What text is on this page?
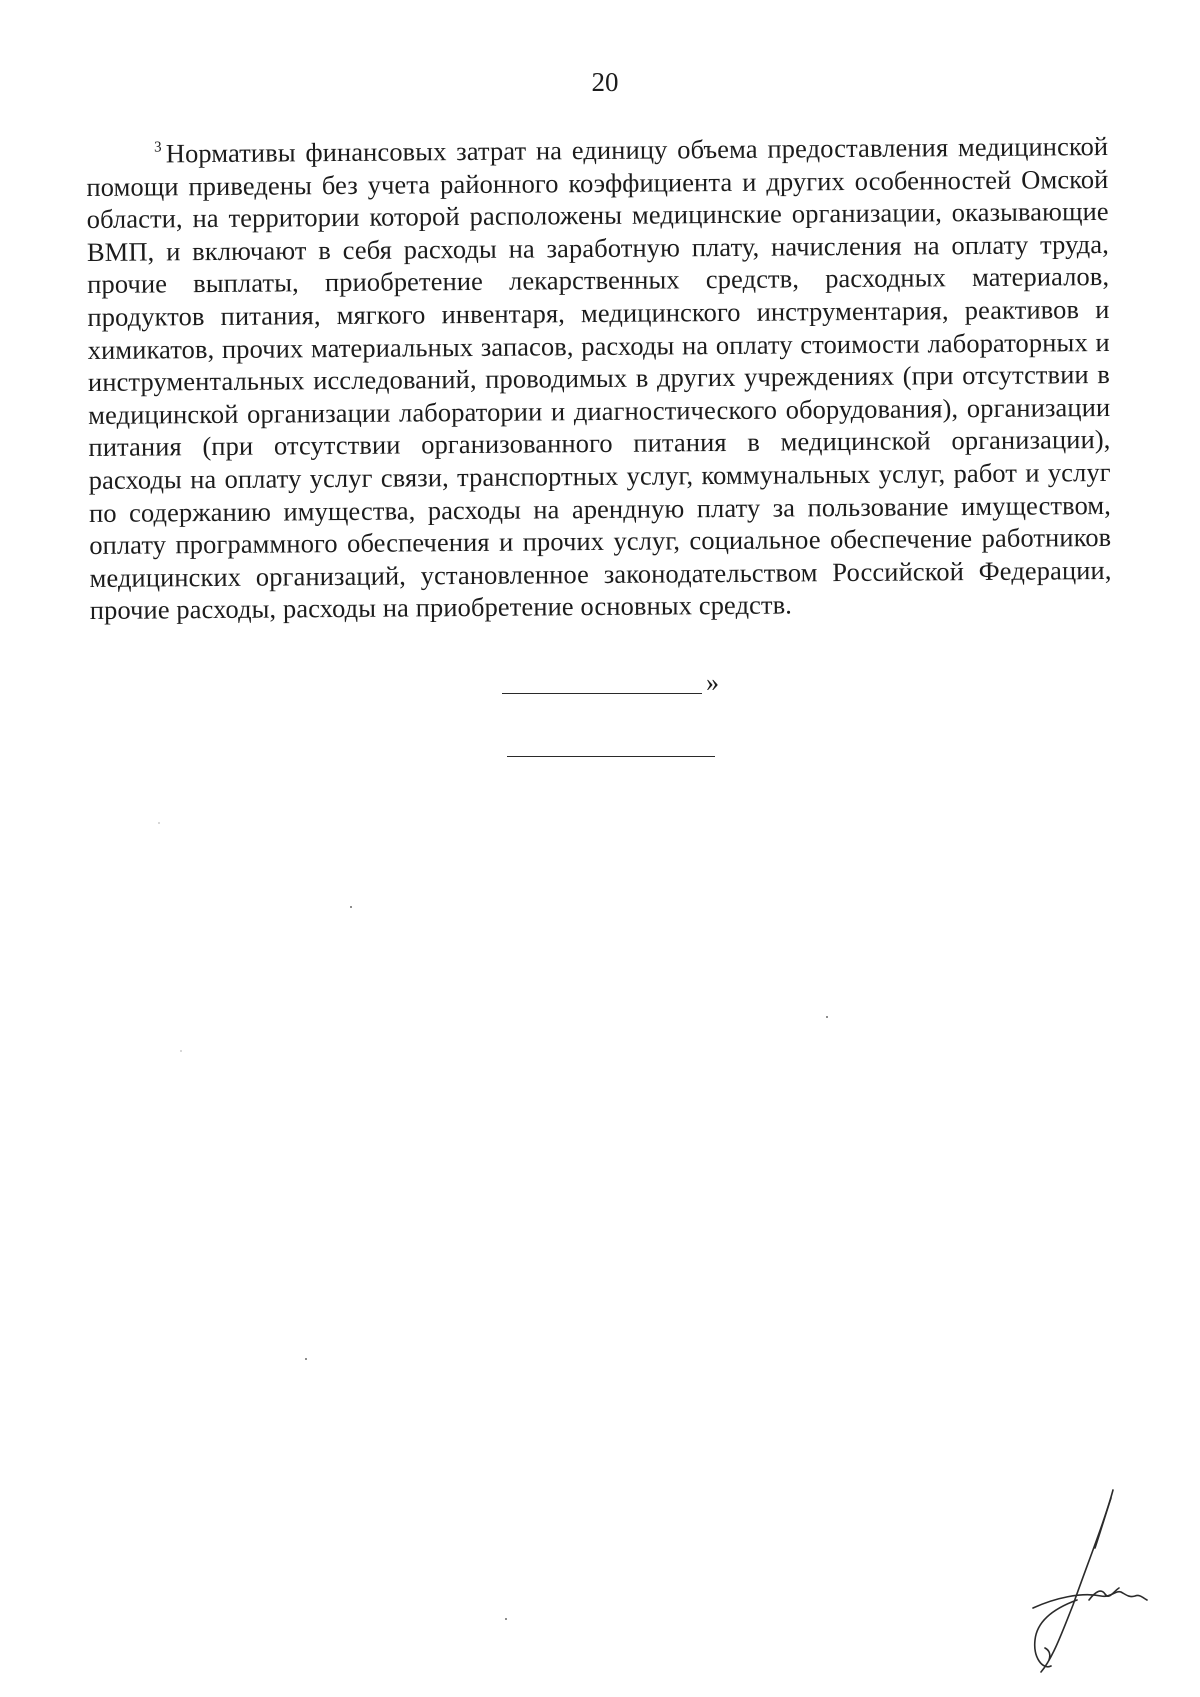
20

$^3$ Нормативы финансовых затрат на единицу объема предоставления медицинской помощи приведены без учета районного коэффициента и других особенностей Омской области, на территории которой расположены медицинские организации, оказывающие ВМП, и включают в себя расходы на заработную плату, начисления на оплату труда, прочие выплаты, приобретение лекарственных средств, расходных материалов, продуктов питания, мягкого инвентаря, медицинского инструментария, реактивов и химикатов, прочих материальных запасов, расходы на оплату стоимости лабораторных и инструментальных исследований, проводимых в других учреждениях (при отсутствии в медицинской организации лаборатории и диагностического оборудования), организации питания (при отсутствии организованного питания в медицинской организации), расходы на оплату услуг связи, транспортных услуг, коммунальных услуг, работ и услуг по содержанию имущества, расходы на арендную плату за пользование имуществом, оплату программного обеспечения и прочих услуг, социальное обеспечение работников медицинских организаций, установленное законодательством Российской Федерации, прочие расходы, расходы на приобретение основных средств.

»
